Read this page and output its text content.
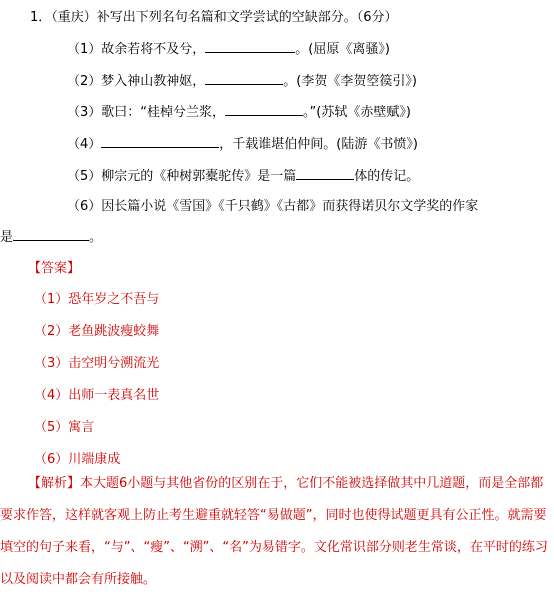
1．（重庆）补写出下列名句名篇和文学尝试的空缺部分。（6分）
（1）故余若将不及兮，	。(屈原《离骚》)
（2）梦入神山教神妪，	。(李贺《李贺箜篌引》)
（3）歌曰：“桂棹兮兰浆，	。”(苏轼《赤壁赋》)
（4）	，千载谁堪伯仲间。(陆游《书愤》)
（5）柳宗元的《种树郭橐驼传》是一篇	体的传记。
（6）因长篇小说《雪国》《千只鹤》《古都》而获得诺贝尔文学奖的作家
是	。
【答案】
（1）恐年岁之不吾与
（2）老鱼跳波瘦蛟舞
（3）击空明兮溯流光
（4）出师一表真名世
（5）寓言
（6）川端康成
【解析】本大题6小题与其他省份的区别在于，它们不能被选择做其中几道题，而是全部都要求作答，这样就客观上防止考生避重就轻答“易做题”，同时也使得试题更具有公正性。就需要填空的句子来看，“与”、“瘦”、“溯”、“名”为易错字。文化常识部分则老生常谈，在平时的练习以及阅读中都会有所接触。
